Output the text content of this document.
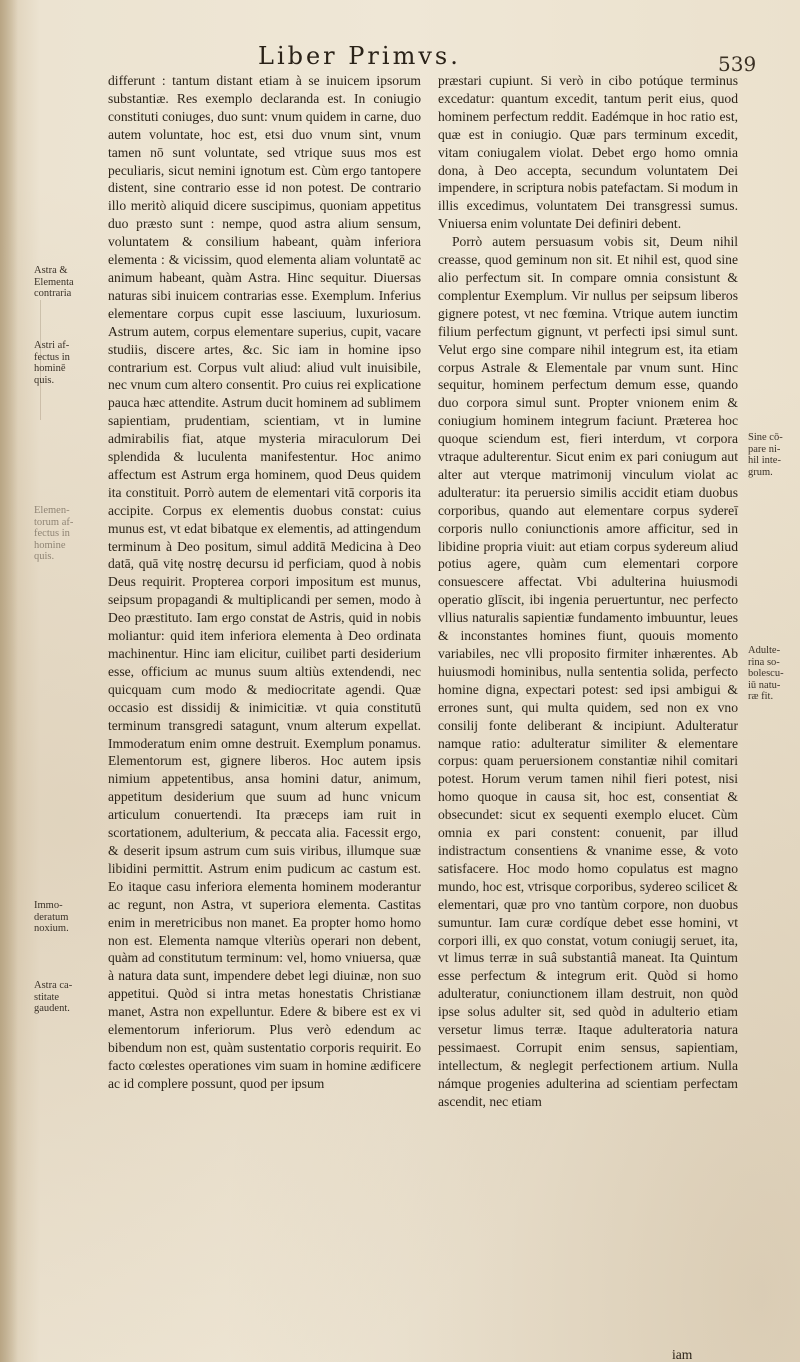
Liber Primvs.	539

differunt : tantum distant etiam à se inuicem ipsorum substantiæ. Res exemplo declaranda est. In coniugio constituti coniuges, duo sunt: vnum quidem in carne, duo autem voluntate, hoc est, etsi duo vnum sint, vnum tamen nō sunt voluntate, sed vtrique suus mos est peculiaris, sicut nemini ignotum est. Cùm ergo tantopere distent, sine contrario esse id non potest. De contrario illo meritò aliquid dicere suscipimus, quoniam appetitus duo præsto sunt : nempe, quod astra alium sensum, voluntatem & consilium habeant, quàm inferiora elementa : & vicissim, quod elementa aliam voluntatē ac animum habeant, quàm Astra. Hinc sequitur. Diuersas naturas sibi inuicem contrarias esse. Exemplum. Inferius elementare corpus cupit esse lasciuum, luxuriosum. Astrum autem, corpus elementare superius, cupit, vacare studiis, discere artes, &c. Sic iam in homine ipso contrarium est. Corpus vult aliud: aliud vult inuisibile, nec vnum cum altero consentit. Pro cuius rei explicatione pauca hæc attendite. Astrum ducit hominem ad sublimem sapientiam, prudentiam, scientiam, vt in lumine admirabilis fiat, atque mysteria miraculorum Dei splendida & luculenta manifestentur. Hoc animo affectum est Astrum erga hominem, quod Deus quidem ita constituit. Porrò autem de elementari vitā corporis ita accipite. Corpus ex elementis duobus constat: cuius munus est, vt edat bibatque ex elementis, ad attingendum terminum à Deo positum, simul additā Medicina à Deo datā, quā vitę nostrę decursu id perficiam, quod à nobis Deus requirit. Propterea corpori impositum est munus, seipsum propagandi & multiplicandi per semen, modo à Deo præstituto. Iam ergo constat de Astris, quid in nobis moliantur: quid item inferiora elementa à Deo ordinata machinentur. Hinc iam elicitur, cuilibet parti desiderium esse, officium ac munus suum altiùs extendendi, nec quicquam cum modo & mediocritate agendi. Quæ occasio est dissidij & inimicitiæ. vt quia constitutū terminum transgredi satagunt, vnum alterum expellat. Immoderatum enim omne destruit. Exemplum ponamus. Elementorum est, gignere liberos. Hoc autem ipsis nimium appetentibus, ansa homini datur, animum, appetitum desiderium que suum ad hunc vnicum articulum conuertendi. Ita præceps iam ruit in scortationem, adulterium, & peccata alia. Facessit ergo, & deserit ipsum astrum cum suis viribus, illumque suæ libidini permittit. Astrum enim pudicum ac castum est. Eo itaque casu inferiora elementa hominem moderantur ac regunt, non Astra, vt superiora elementa. Castitas enim in meretricibus non manet. Ea propter homo homo non est. Elementa namque vlteriùs operari non debent, quàm ad constitutum terminum: vel, homo vniuersa, quæ à natura data sunt, impendere debet legi diuinæ, non suo appetitui. Quòd si intra metas honestatis Christianæ manet, Astra non expelluntur. Edere & bibere est ex vi elementorum inferiorum. Plus verò edendum ac bibendum non est, quàm sustentatio corporis requirit. Eo facto cœlestes operationes vim suam in homine ædificere ac id complere possunt, quod per ipsum

præstari cupiunt. Si verò in cibo potúque terminus excedatur: quantum excedit, tantum perit eius, quod hominem perfectum reddit. Eadémque in hoc ratio est, quæ est in coniugio. Quæ pars terminum excedit, vitam coniugalem violat. Debet ergo homo omnia dona, à Deo accepta, secundum voluntatem Dei impendere, in scriptura nobis patefactam. Si modum in illis excedimus, voluntatem Dei transgressi sumus. Vniuersa enim voluntate Dei definiri debent.

Porrò autem persuasum vobis sit, Deum nihil creasse, quod geminum non sit. Et nihil est, quod sine alio perfectum sit. In compare omnia consistunt & complentur Exemplum. Vir nullus per seipsum liberos gignere potest, vt nec fœmina. Vtrique autem iunctim filium perfectum gignunt, vt perfecti ipsi simul sunt. Velut ergo sine compare nihil integrum est, ita etiam corpus Astrale & Elementale par vnum sunt. Hinc sequitur, hominem perfectum demum esse, quando duo corpora simul sunt. Propter vnionem enim & coniugium hominem integrum faciunt. Præterea hoc quoque sciendum est, fieri interdum, vt corpora vtraque adulterentur. Sicut enim ex pari coniugum aut alter aut vterque matrimonij vinculum violat ac adulteratur: ita peruersio similis accidit etiam duobus corporibus, quando aut elementare corpus sydereī corporis nullo coniunctionis amore afficitur, sed in libidine propria viuit: aut etiam corpus sydereum aliud potius agere, quàm cum elementari corpore consuescere affectat. Vbi adulterina huiusmodi operatio glīscit, ibi ingenia peruertuntur, nec perfecto vllius naturalis sapientiæ fundamento imbuuntur, leues & inconstantes homines fiunt, quouis momento variabiles, nec vlli proposito firmiter inhærentes. Ab huiusmodi hominibus, nulla sententia solida, perfecto homine digna, expectari potest: sed ipsi ambigui & errones sunt, qui multa quidem, sed non ex vno consilij fonte deliberant & incipiunt. Adulteratur namque ratio: adulteratur similiter & elementare corpus: quam peruersionem constantiæ nihil comitari potest. Horum verum tamen nihil fieri potest, nisi homo quoque in causa sit, hoc est, consentiat & obsecundet: sicut ex sequenti exemplo elucet. Cùm omnia ex pari constent: conuenit, par illud indistractum consentiens & vnanime esse, & voto satisfacere. Hoc modo homo copulatus est magno mundo, hoc est, vtrisque corporibus, sydereo scilicet & elementari, quæ pro vno tantùm corpore, non duobus sumuntur. Iam curæ cordíque debet esse homini, vt corpori illi, ex quo constat, votum coniugij seruet, ita, vt limus terræ in suâ substantiâ maneat. Ita Quintum esse perfectum & integrum erit. Quòd si homo adulteratur, coniunctionem illam destruit, non quòd ipse solus adulter sit, sed quòd in adulterio etiam versetur limus terræ. Itaque adulteratoria natura pessimaest. Corrupit enim sensus, sapientiam, intellectum, & neglegit perfectionem artium. Nulla námque progenies adulterina ad scientiam perfectam ascendit, nec etiam

Astra &
Elementa
contraria
Astri af-
fectus in
hominē
quis.
Elemen-
torum af-
fectus in
homine
quis.
Immo-
deratum
noxium.
Astra ca-
stitate
gaudent.
Sine cō-
pare ni-
hil inte-
grum.
Adulte-
rina so-
bolescu-
iū natu-
ræ fit.
iam
